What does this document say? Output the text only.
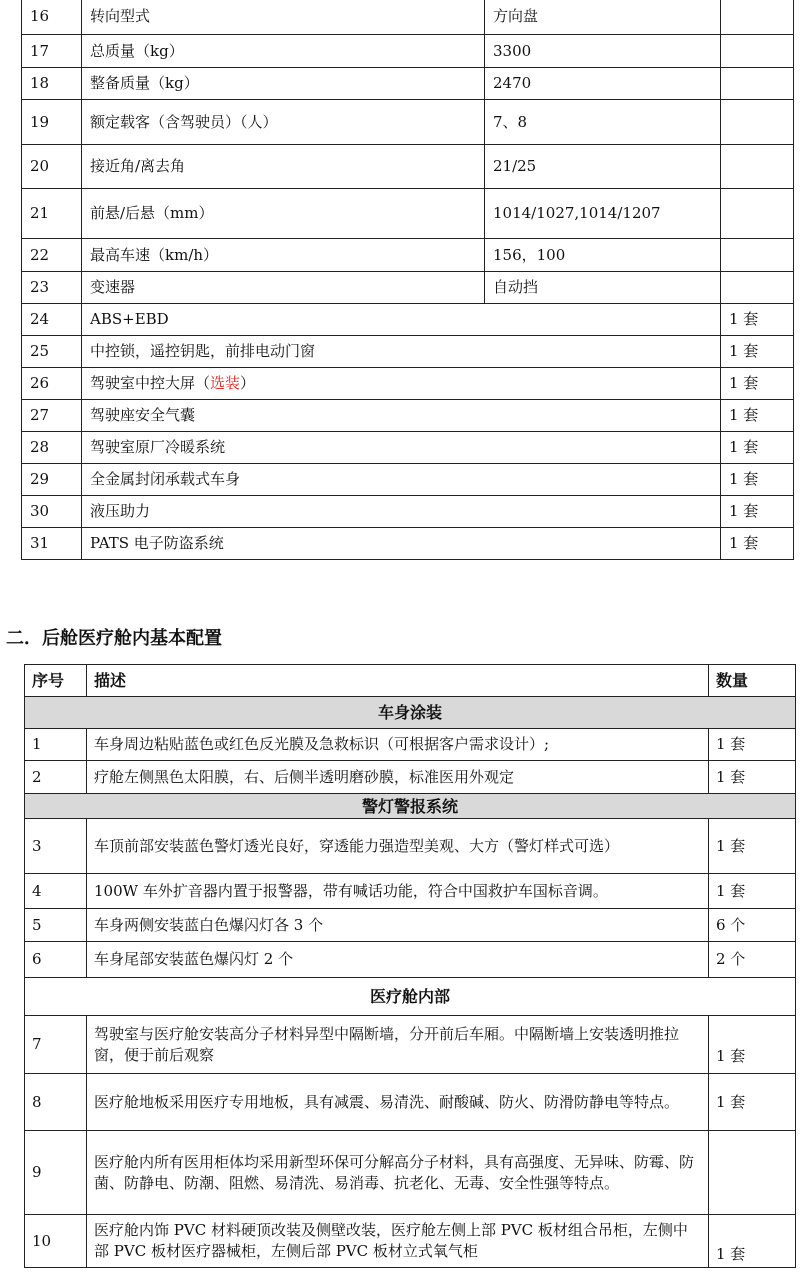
16	转向型式	方向盘	
17	总质量（kg）	3300	
18	整备质量（kg）	2470	
19	额定载客（含驾驶员）（人）	7、8	
20	接近角/离去角	21/25	
21	前悬/后悬（mm）	1014/1027,1014/1207	
22	最高车速（km/h）	156，100	
23	变速器	自动挡	
24	ABS+EBD		1 套
25	中控锁，遥控钥匙，前排电动门窗		1 套
26	驾驶室中控大屏（选装）		1 套
27	驾驶座安全气囊		1 套
28	驾驶室原厂冷暖系统		1 套
29	全金属封闭承载式车身		1 套
30	液压助力		1 套
31	PATS 电子防盗系统		1 套
二．后舱医疗舱内基本配置
序号	描述	数量
车身涂装		
1	车身周边粘贴蓝色或红色反光膜及急救标识（可根据客户需求设计）;	1 套
2	疗舱左侧黑色太阳膜，右、后侧半透明磨砂膜，标准医用外观定	1 套
警灯警报系统		
3	车顶前部安装蓝色警灯透光良好，穿透能力强造型美观、大方（警灯样式可选）	1 套
4	100W 车外扩音器内置于报警器，带有喊话功能，符合中国救护车国标音调。	1 套
5	车身两侧安装蓝白色爆闪灯各 3 个	6 个
6	车身尾部安装蓝色爆闪灯 2 个	2 个
医疗舱内部		
7	驾驶室与医疗舱安装高分子材料异型中隔断墙，分开前后车厢。中隔断墙上安装透明推拉窗，便于前后观察	1 套
8	医疗舱地板采用医疗专用地板，具有减震、易清洗、耐酸碱、防火、防滑防静电等特点。	1 套
9	医疗舱内所有医用柜体均采用新型环保可分解高分子材料，具有高强度、无异味、防霉、防菌、防静电、防潮、阻燃、易清洗、易消毒、抗老化、无毒、安全性强等特点。	
10	医疗舱内饰 PVC 材料硬顶改装及侧壁改装，医疗舱左侧上部 PVC 板材组合吊柜，左侧中部 PVC 板材医疗器械柜，左侧后部 PVC 板材立式氧气柜	1 套
